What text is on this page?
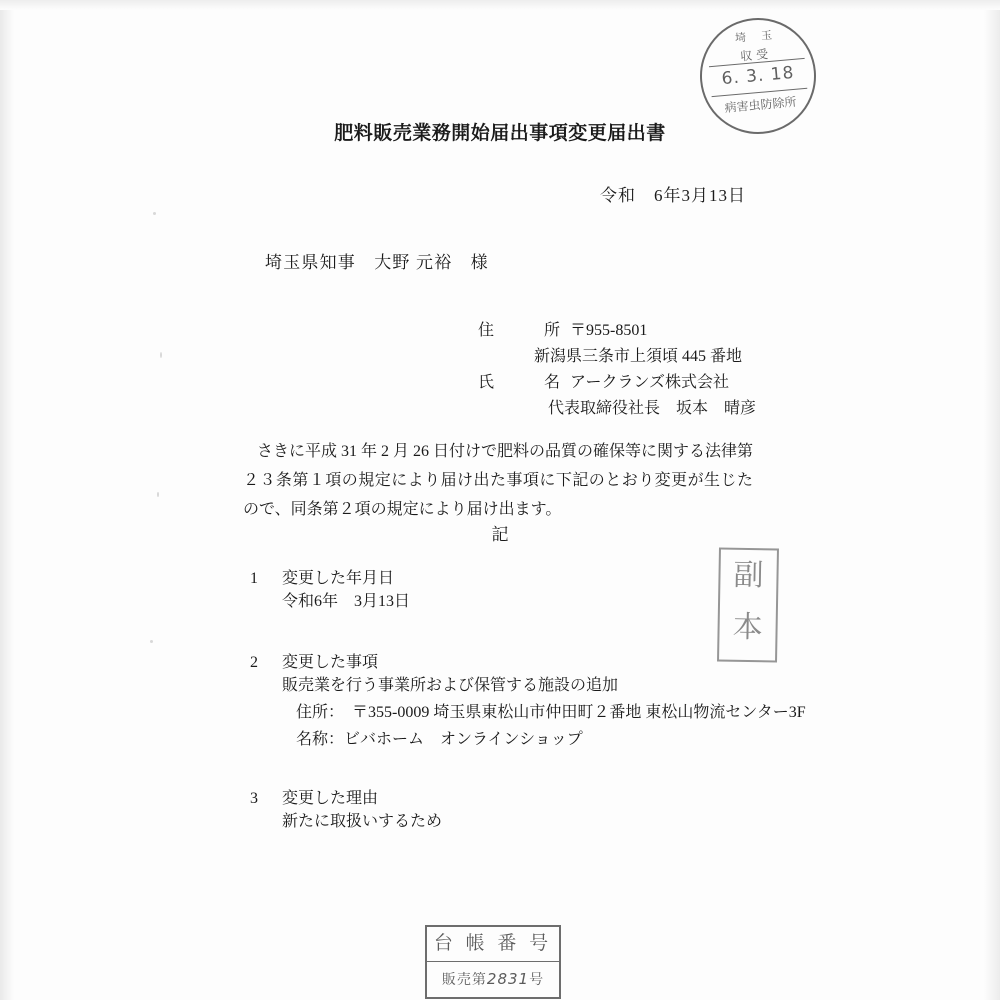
埼　玉
収受
6. 3. 18
病害虫防除所
肥料販売業務開始届出事項変更届出書
令和　6年3月13日
埼玉県知事　大野 元裕　様
住　　所 〒955-8501
新潟県三条市上須頃 445 番地
氏　　名 アークランズ株式会社
代表取締役社長　坂本　晴彦
さきに平成 31 年 2 月 26 日付けで肥料の品質の確保等に関する法律第２３条第１項の規定により届け出た事項に下記のとおり変更が生じたので、同条第２項の規定により届け出ます。
記
1 変更した年月日
令和6年　3月13日
2 変更した事項
販売業を行う事業所および保管する施設の追加
住所：　〒355-0009 埼玉県東松山市仲田町２番地 東松山物流センター3F
名称：ビバホーム　オンラインショップ
3 変更した理由
新たに取扱いするため
副
本
台 帳 番 号
販売第2831号
